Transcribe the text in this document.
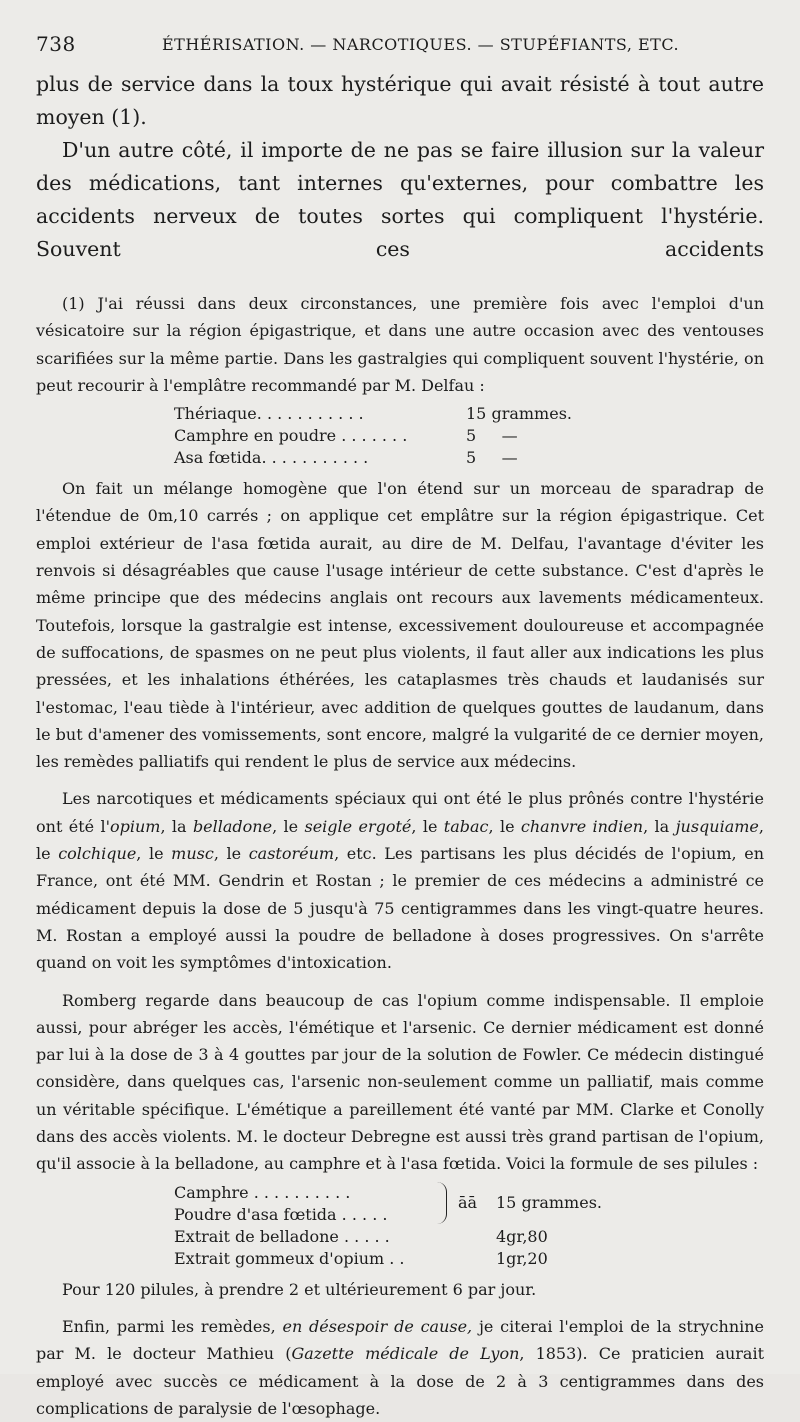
738	ÉTHÉRISATION. — NARCOTIQUES. — STUPÉFIANTS, ETC.

plus de service dans la toux hystérique qui avait résisté à tout autre moyen (1).

D'un autre côté, il importe de ne pas se faire illusion sur la valeur des médications, tant internes qu'externes, pour combattre les accidents nerveux de toutes sortes qui compliquent l'hystérie. Souvent ces accidents

(1) J'ai réussi dans deux circonstances, une première fois avec l'emploi d'un vésicatoire sur la région épigastrique, et dans une autre occasion avec des ventouses scarifiées sur la même partie. Dans les gastralgies qui compliquent souvent l'hystérie, on peut recourir à l'emplâtre recommandé par M. Delfau :

Thériaque. . . . . . . . . . .	15 grammes.
Camphre en poudre . . . . . . .	5     —
Asa fœtida. . . . . . . . . . .	5     —

On fait un mélange homogène que l'on étend sur un morceau de sparadrap de l'étendue de 0m,10 carrés ; on applique cet emplâtre sur la région épigastrique. Cet emploi extérieur de l'asa fœtida aurait, au dire de M. Delfau, l'avantage d'éviter les renvois si désagréables que cause l'usage intérieur de cette substance. C'est d'après le même principe que des médecins anglais ont recours aux lavements médicamenteux. Toutefois, lorsque la gastralgie est intense, excessivement douloureuse et accompagnée de suffocations, de spasmes on ne peut plus violents, il faut aller aux indications les plus pressées, et les inhalations éthérées, les cataplasmes très chauds et laudanisés sur l'estomac, l'eau tiède à l'intérieur, avec addition de quelques gouttes de laudanum, dans le but d'amener des vomissements, sont encore, malgré la vulgarité de ce dernier moyen, les remèdes palliatifs qui rendent le plus de service aux médecins.

Les narcotiques et médicaments spéciaux qui ont été le plus prônés contre l'hystérie ont été l'opium, la belladone, le seigle ergoté, le tabac, le chanvre indien, la jusquiame, le colchique, le musc, le castoréum, etc. Les partisans les plus décidés de l'opium, en France, ont été MM. Gendrin et Rostan ; le premier de ces médecins a administré ce médicament depuis la dose de 5 jusqu'à 75 centigrammes dans les vingt-quatre heures. M. Rostan a employé aussi la poudre de belladone à doses progressives. On s'arrête quand on voit les symptômes d'intoxication.

Romberg regarde dans beaucoup de cas l'opium comme indispensable. Il emploie aussi, pour abréger les accès, l'émétique et l'arsenic. Ce dernier médicament est donné par lui à la dose de 3 à 4 gouttes par jour de la solution de Fowler. Ce médecin distingué considère, dans quelques cas, l'arsenic non-seulement comme un palliatif, mais comme un véritable spécifique. L'émétique a pareillement été vanté par MM. Clarke et Conolly dans des accès violents. M. le docteur Debregne est aussi très grand partisan de l'opium, qu'il associe à la belladone, au camphre et à l'asa fœtida. Voici la formule de ses pilules :

Camphre . . . . . . . . . .
Poudre d'asa fœtida . . . . .
āā 15 grammes.
Extrait de belladone . . . . .	4gr,80
Extrait gommeux d'opium . .	1gr,20

Pour 120 pilules, à prendre 2 et ultérieurement 6 par jour.

Enfin, parmi les remèdes, en désespoir de cause, je citerai l'emploi de la strychnine par M. le docteur Mathieu (Gazette médicale de Lyon, 1853). Ce praticien aurait employé avec succès ce médicament à la dose de 2 à 3 centigrammes dans des complications de paralysie de l'œsophage.
